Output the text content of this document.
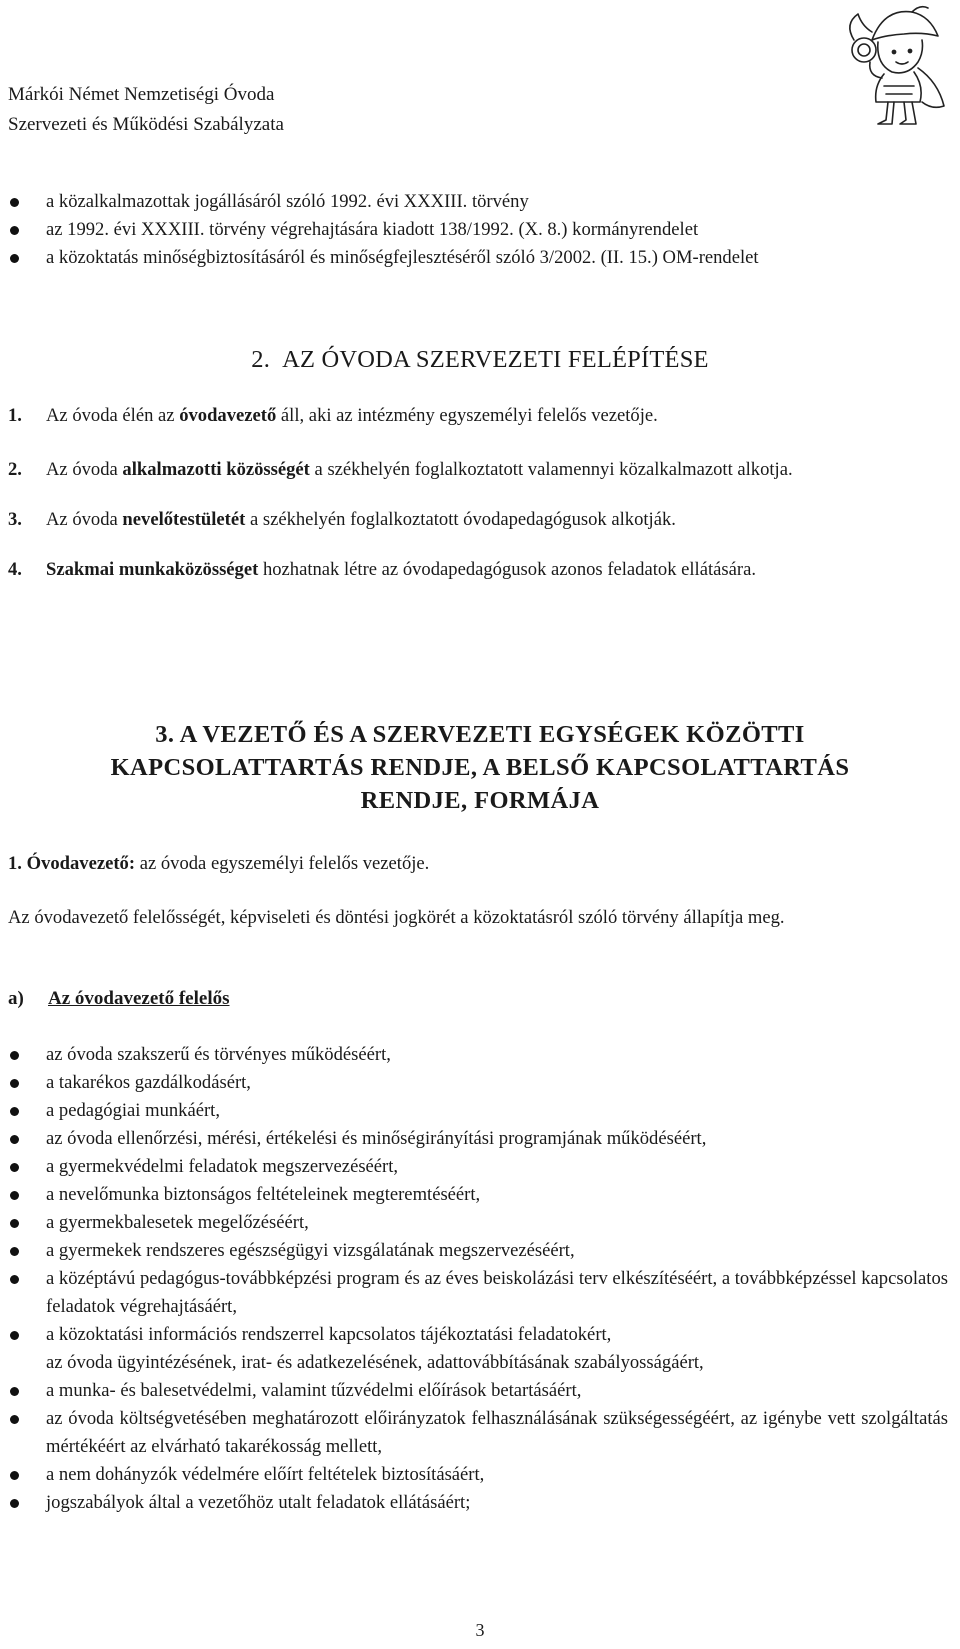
Márkói Német Nemzetiségi Óvoda
Szervezeti és Működési Szabályzata
a közalkalmazottak jogállásáról szóló 1992. évi XXXIII. törvény
az 1992. évi XXXIII. törvény végrehajtására kiadott 138/1992. (X. 8.) kormányrendelet
a közoktatás minőségbiztosításáról és minőségfejlesztéséről szóló 3/2002. (II. 15.) OM-rendelet
2. AZ ÓVODA SZERVEZETI FELÉPÍTÉSE
1. Az óvoda élén az óvodavezető áll, aki az intézmény egyszemélyi felelős vezetője.
2. Az óvoda alkalmazotti közösségét a székhelyén foglalkoztatott valamennyi közalkalmazott alkotja.
3. Az óvoda nevelőtestületét a székhelyén foglalkoztatott óvodapedagógusok alkotják.
4. Szakmai munkaközösséget hozhatnak létre az óvodapedagógusok azonos feladatok ellátására.
3. A VEZETŐ ÉS A SZERVEZETI EGYSÉGEK KÖZÖTTI
KAPCSOLATTARTÁS RENDJE, A BELSŐ KAPCSOLATTARTÁS
RENDJE, FORMÁJA
1. Óvodavezető: az óvoda egyszemélyi felelős vezetője.
Az óvodavezető felelősségét, képviseleti és döntési jogkörét a közoktatásról szóló törvény állapítja meg.
a) Az óvodavezető felelős
az óvoda szakszerű és törvényes működéséért,
a takarékos gazdálkodásért,
a pedagógiai munkáért,
az óvoda ellenőrzési, mérési, értékelési és minőségirányítási programjának működéséért,
a gyermekvédelmi feladatok megszervezéséért,
a nevelőmunka biztonságos feltételeinek megteremtéséért,
a gyermekbalesetek megelőzéséért,
a gyermekek rendszeres egészségügyi vizsgálatának megszervezéséért,
a középtávú pedagógus-továbbképzési program és az éves beiskolázási terv elkészítéséért, a továbbképzéssel kapcsolatos feladatok végrehajtásáért,
a közoktatási információs rendszerrel kapcsolatos tájékoztatási feladatokért,
az óvoda ügyintézésének, irat- és adatkezelésének, adattovábbításának szabályosságáért,
a munka- és balesetvédelmi, valamint tűzvédelmi előírások betartásáért,
az óvoda költségvetésében meghatározott előirányzatok felhasználásának szükségességéért, az igénybe vett szolgáltatás mértékéért az elvárható takarékosság mellett,
a nem dohányzók védelmére előírt feltételek biztosításáért,
jogszabályok által a vezetőhöz utalt feladatok ellátásáért;
3
